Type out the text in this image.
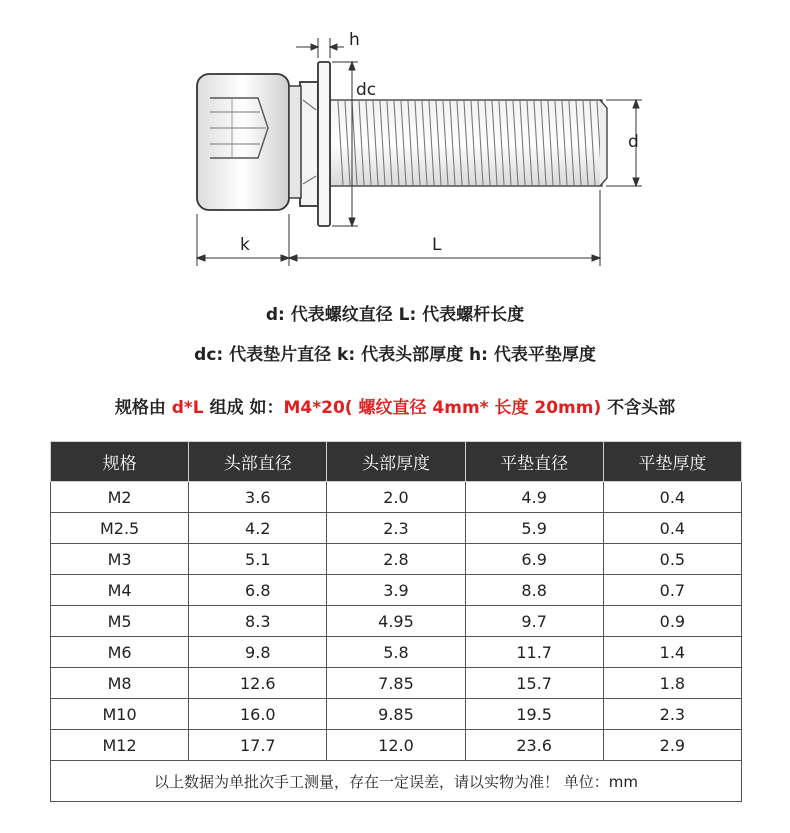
h
dc
d
k	L
d: 代表螺纹直径 L: 代表螺杆长度
dc: 代表垫片直径 k: 代表头部厚度 h: 代表平垫厚度
规格由 d*L 组成 如：M4*20( 螺纹直径 4mm* 长度 20mm) 不含头部
规格	头部直径	头部厚度	平垫直径	平垫厚度
M2	3.6	2.0	4.9	0.4
M2.5	4.2	2.3	5.9	0.4
M3	5.1	2.8	6.9	0.5
M4	6.8	3.9	8.8	0.7
M5	8.3	4.95	9.7	0.9
M6	9.8	5.8	11.7	1.4
M8	12.6	7.85	15.7	1.8
M10	16.0	9.85	19.5	2.3
M12	17.7	12.0	23.6	2.9
以上数据为单批次手工测量，存在一定误差，请以实物为准！ 单位：mm				
